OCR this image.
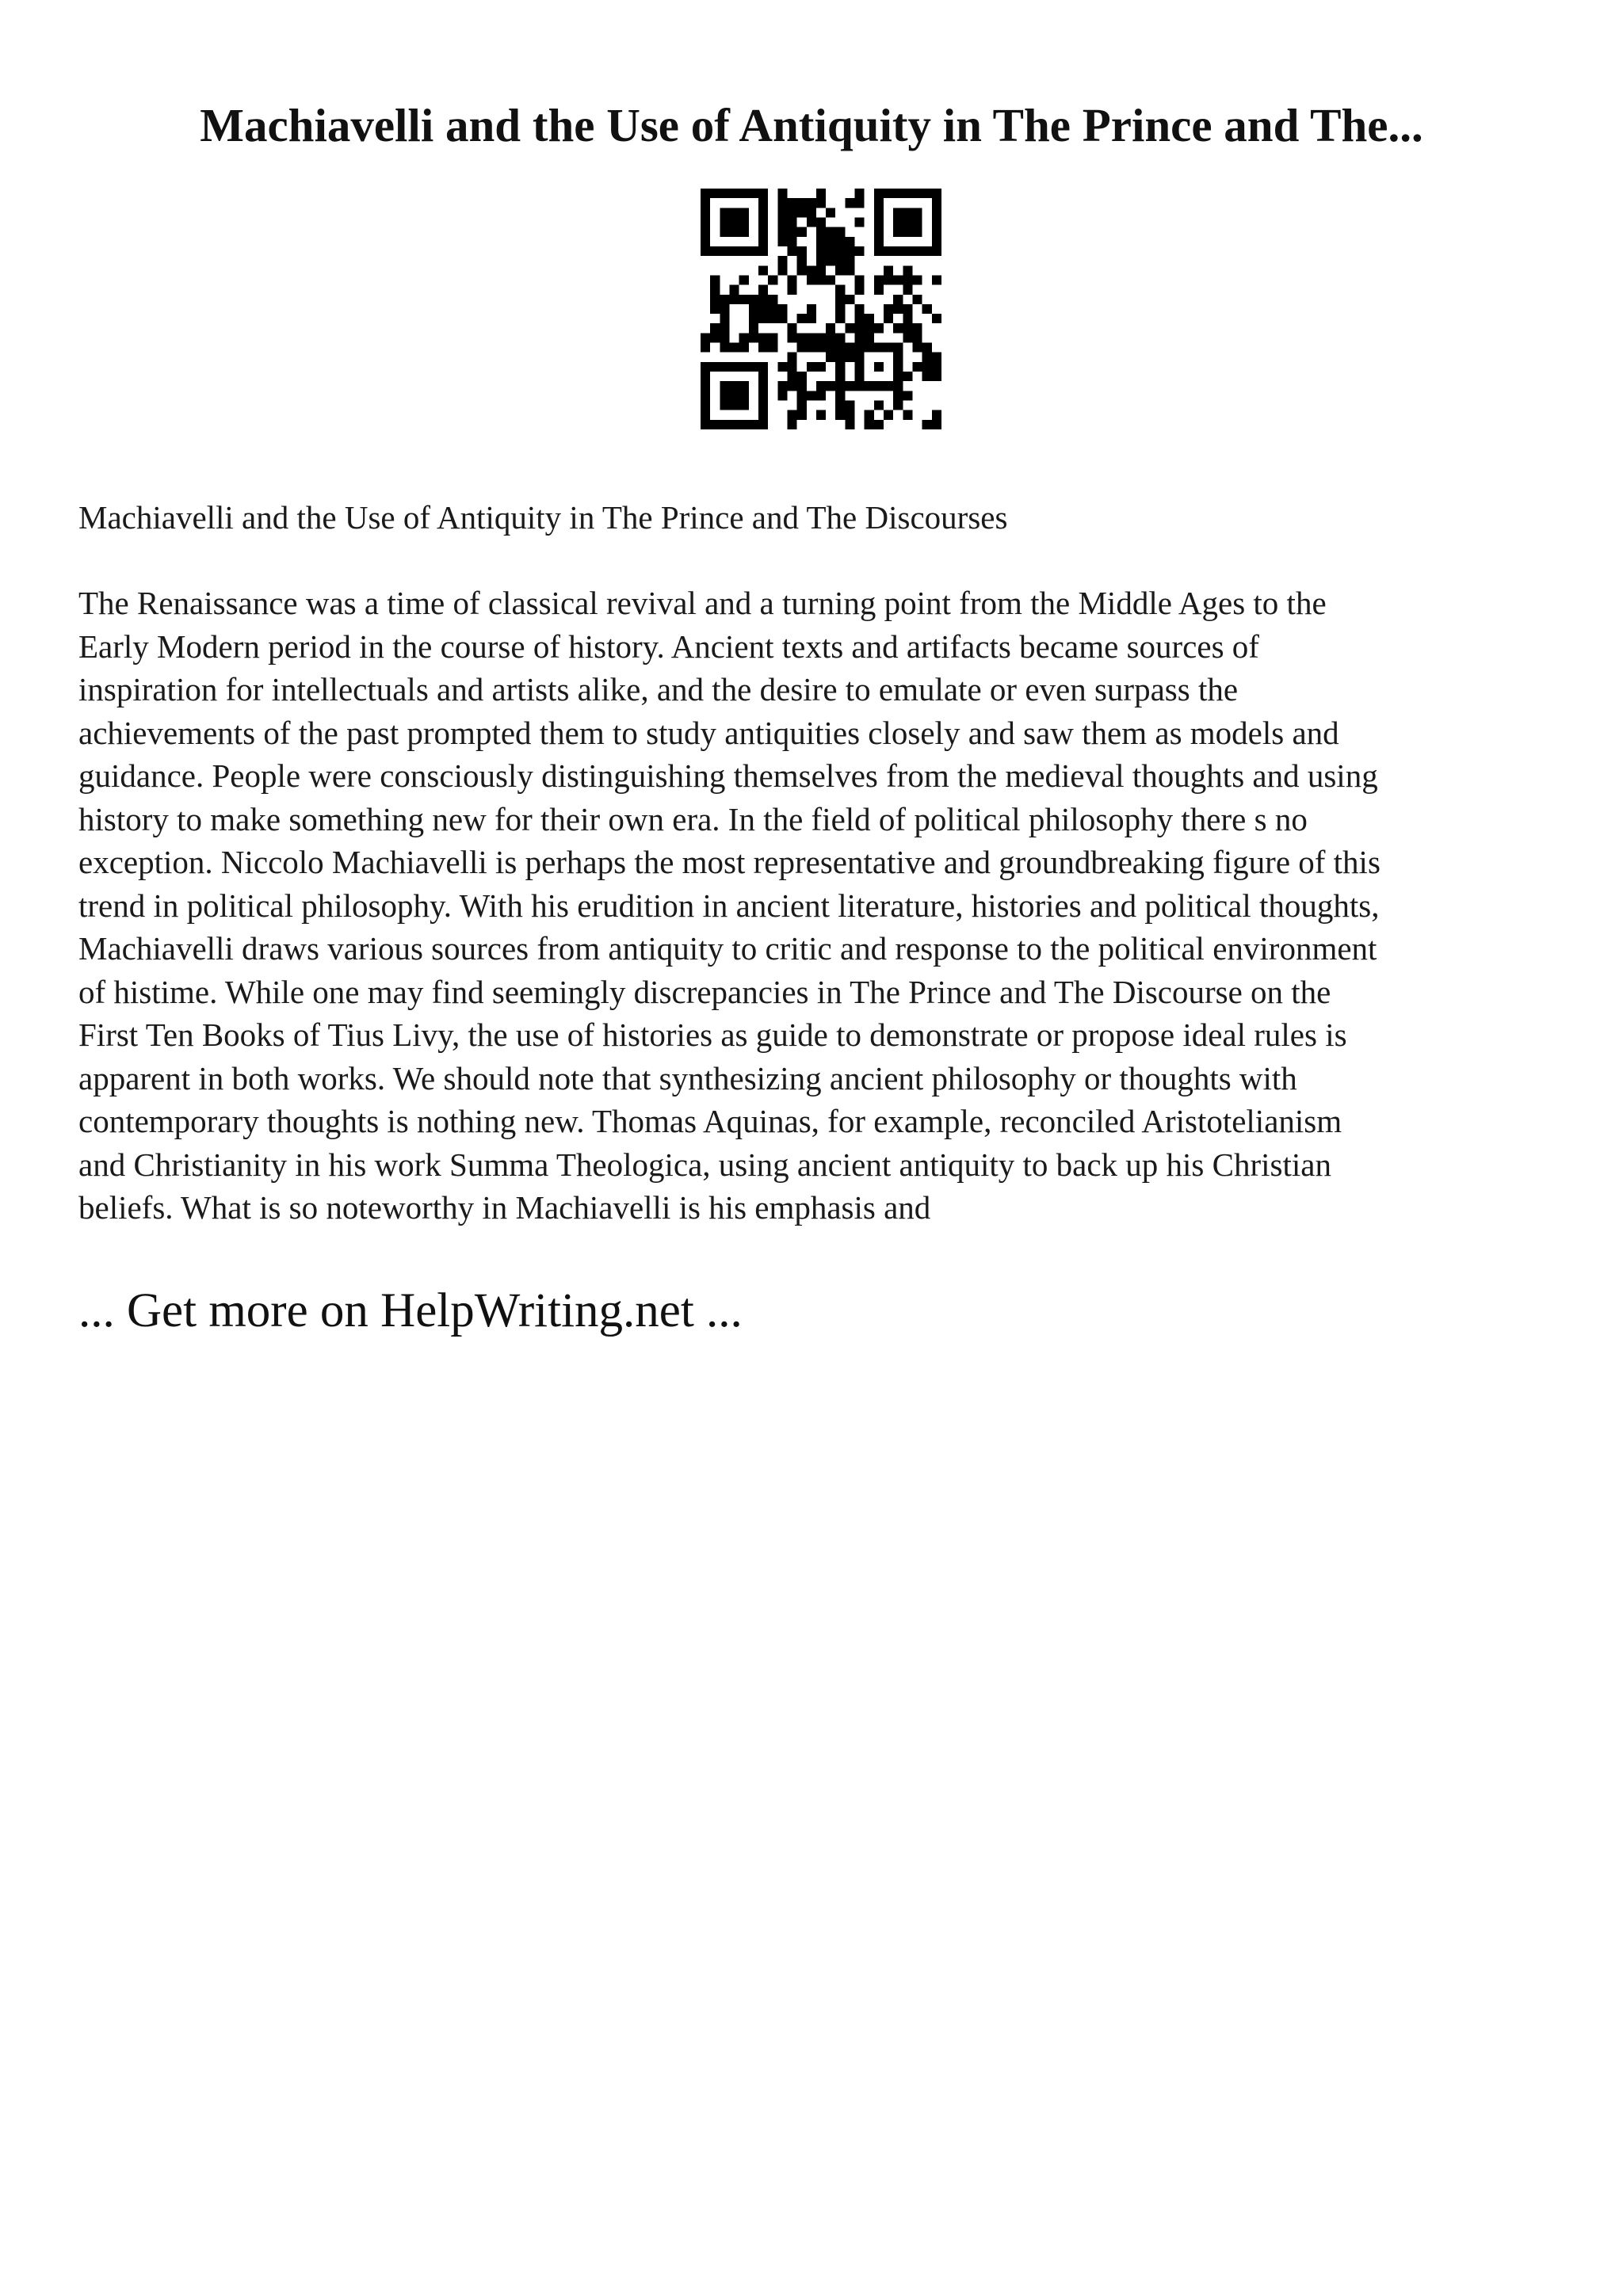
Machiavelli and the Use of Antiquity in The Prince and The...

Machiavelli and the Use of Antiquity in The Prince and The Discourses

The Renaissance was a time of classical revival and a turning point from the Middle Ages to the
Early Modern period in the course of history. Ancient texts and artifacts became sources of
inspiration for intellectuals and artists alike, and the desire to emulate or even surpass the
achievements of the past prompted them to study antiquities closely and saw them as models and
guidance. People were consciously distinguishing themselves from the medieval thoughts and using
history to make something new for their own era. In the field of political philosophy there s no
exception. Niccolo Machiavelli is perhaps the most representative and groundbreaking figure of this
trend in political philosophy. With his erudition in ancient literature, histories and political thoughts,
Machiavelli draws various sources from antiquity to critic and response to the political environment
of histime. While one may find seemingly discrepancies in The Prince and The Discourse on the
First Ten Books of Tius Livy, the use of histories as guide to demonstrate or propose ideal rules is
apparent in both works. We should note that synthesizing ancient philosophy or thoughts with
contemporary thoughts is nothing new. Thomas Aquinas, for example, reconciled Aristotelianism
and Christianity in his work Summa Theologica, using ancient antiquity to back up his Christian
beliefs. What is so noteworthy in Machiavelli is his emphasis and

... Get more on HelpWriting.net ...
